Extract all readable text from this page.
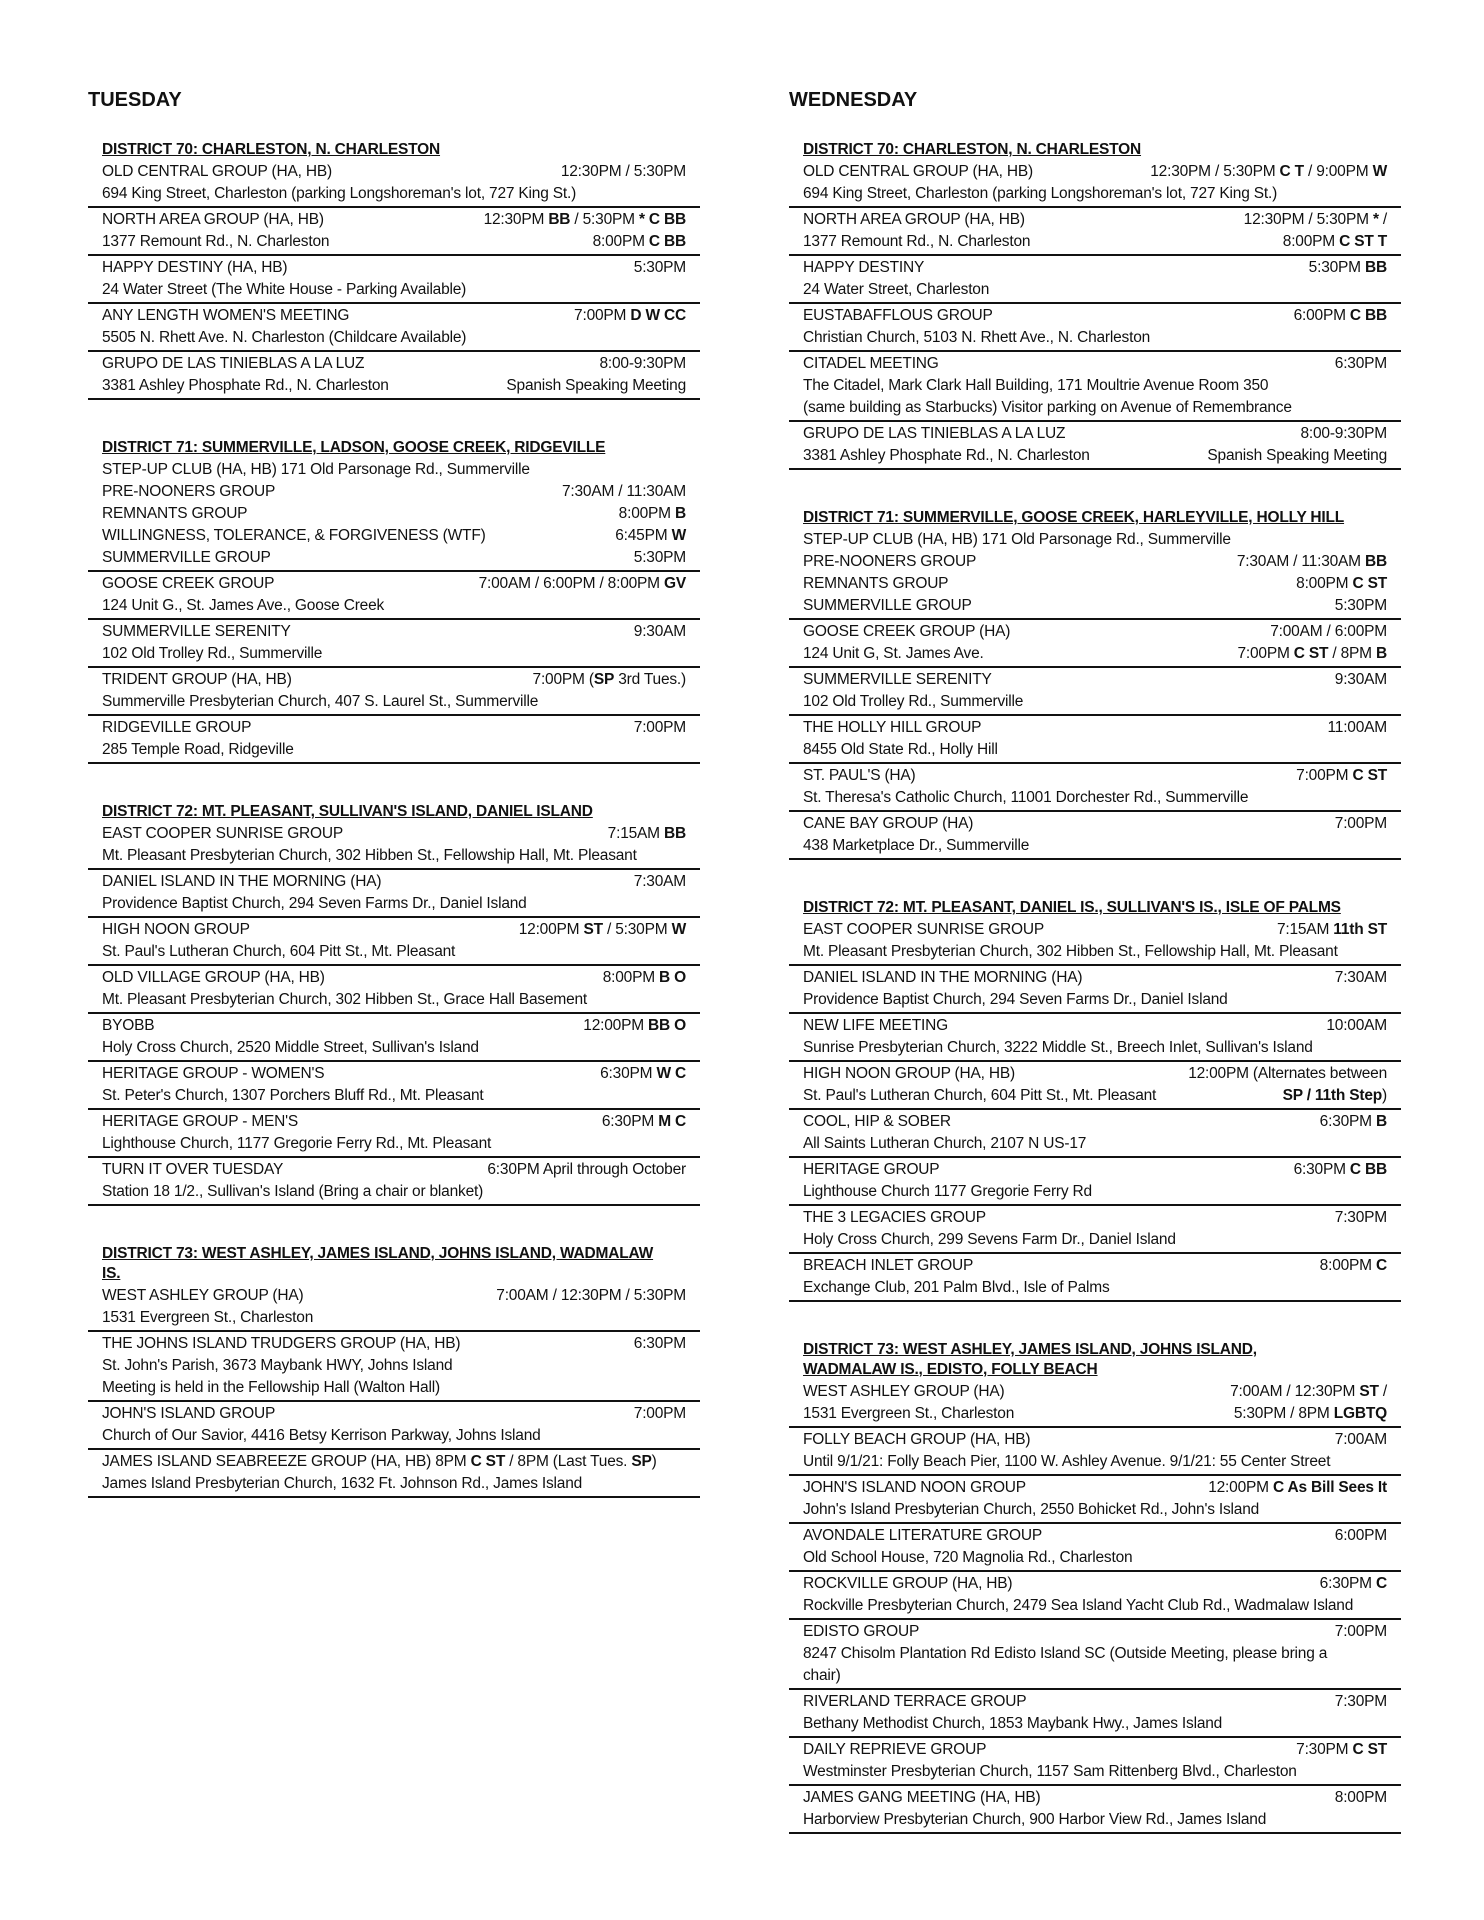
TUESDAY
DISTRICT 70: CHARLESTON, N. CHARLESTON
OLD CENTRAL GROUP (HA, HB)	12:30PM / 5:30PM
694 King Street, Charleston (parking Longshoreman's lot, 727 King St.)
NORTH AREA GROUP (HA, HB)	12:30PM BB / 5:30PM * C BB
1377 Remount Rd., N. Charleston	8:00PM C BB
HAPPY DESTINY (HA, HB)	5:30PM
24 Water Street (The White House - Parking Available)
ANY LENGTH WOMEN'S MEETING	7:00PM D W CC
5505 N. Rhett Ave. N. Charleston (Childcare Available)
GRUPO DE LAS TINIEBLAS A LA LUZ	8:00-9:30PM
3381 Ashley Phosphate Rd., N. Charleston	Spanish Speaking Meeting
DISTRICT 71: SUMMERVILLE, LADSON, GOOSE CREEK, RIDGEVILLE
STEP-UP CLUB (HA, HB) 171 Old Parsonage Rd., Summerville
PRE-NOONERS GROUP	7:30AM / 11:30AM
REMNANTS GROUP	8:00PM B
WILLINGNESS, TOLERANCE, & FORGIVENESS (WTF)	6:45PM W
SUMMERVILLE GROUP	5:30PM
GOOSE CREEK GROUP	7:00AM / 6:00PM / 8:00PM GV
124 Unit G., St. James Ave., Goose Creek
SUMMERVILLE SERENITY	9:30AM
102 Old Trolley Rd., Summerville
TRIDENT GROUP (HA, HB)	7:00PM (SP 3rd Tues.)
Summerville Presbyterian Church, 407 S. Laurel St., Summerville
RIDGEVILLE GROUP	7:00PM
285 Temple Road, Ridgeville
DISTRICT 72: MT. PLEASANT, SULLIVAN'S ISLAND, DANIEL ISLAND
EAST COOPER SUNRISE GROUP	7:15AM BB
Mt. Pleasant Presbyterian Church, 302 Hibben St., Fellowship Hall, Mt. Pleasant
DANIEL ISLAND IN THE MORNING (HA)	7:30AM
Providence Baptist Church, 294 Seven Farms Dr., Daniel Island
HIGH NOON GROUP	12:00PM ST / 5:30PM W
St. Paul's Lutheran Church, 604 Pitt St., Mt. Pleasant
OLD VILLAGE GROUP (HA, HB)	8:00PM B O
Mt. Pleasant Presbyterian Church, 302 Hibben St., Grace Hall Basement
BYOBB	12:00PM BB O
Holy Cross Church, 2520 Middle Street, Sullivan's Island
HERITAGE GROUP - WOMEN'S	6:30PM W C
St. Peter's Church, 1307 Porchers Bluff Rd., Mt. Pleasant
HERITAGE GROUP - MEN'S	6:30PM M C
Lighthouse Church, 1177 Gregorie Ferry Rd., Mt. Pleasant
TURN IT OVER TUESDAY	6:30PM April through October
Station 18 1/2., Sullivan's Island (Bring a chair or blanket)
DISTRICT 73: WEST ASHLEY, JAMES ISLAND, JOHNS ISLAND, WADMALAW
IS.
WEST ASHLEY GROUP (HA)	7:00AM / 12:30PM / 5:30PM
1531 Evergreen St., Charleston
THE JOHNS ISLAND TRUDGERS GROUP (HA, HB)	6:30PM
St. John's Parish, 3673 Maybank HWY, Johns Island
Meeting is held in the Fellowship Hall (Walton Hall)
JOHN'S ISLAND GROUP	7:00PM
Church of Our Savior, 4416 Betsy Kerrison Parkway, Johns Island
JAMES ISLAND SEABREEZE GROUP (HA, HB) 8PM C ST / 8PM (Last Tues. SP)
James Island Presbyterian Church, 1632 Ft. Johnson Rd., James Island
WEDNESDAY
DISTRICT 70: CHARLESTON, N. CHARLESTON
OLD CENTRAL GROUP (HA, HB)	12:30PM / 5:30PM C T / 9:00PM W
694 King Street, Charleston (parking Longshoreman's lot, 727 King St.)
NORTH AREA GROUP (HA, HB)	12:30PM / 5:30PM * /
1377 Remount Rd., N. Charleston	8:00PM C ST T
HAPPY DESTINY	5:30PM BB
24 Water Street, Charleston
EUSTABAFFLOUS GROUP	6:00PM C BB
Christian Church, 5103 N. Rhett Ave., N. Charleston
CITADEL MEETING	6:30PM
The Citadel, Mark Clark Hall Building, 171 Moultrie Avenue Room 350
(same building as Starbucks) Visitor parking on Avenue of Remembrance
GRUPO DE LAS TINIEBLAS A LA LUZ	8:00-9:30PM
3381 Ashley Phosphate Rd., N. Charleston	Spanish Speaking Meeting
DISTRICT 71: SUMMERVILLE, GOOSE CREEK, HARLEYVILLE, HOLLY HILL
STEP-UP CLUB (HA, HB) 171 Old Parsonage Rd., Summerville
PRE-NOONERS GROUP	7:30AM / 11:30AM BB
REMNANTS GROUP	8:00PM C ST
SUMMERVILLE GROUP	5:30PM
GOOSE CREEK GROUP (HA)	7:00AM / 6:00PM
124 Unit G, St. James Ave.	7:00PM C ST / 8PM B
SUMMERVILLE SERENITY	9:30AM
102 Old Trolley Rd., Summerville
THE HOLLY HILL GROUP	11:00AM
8455 Old State Rd., Holly Hill
ST. PAUL'S (HA)	7:00PM C ST
St. Theresa's Catholic Church, 11001 Dorchester Rd., Summerville
CANE BAY GROUP (HA)	7:00PM
438 Marketplace Dr., Summerville
DISTRICT 72: MT. PLEASANT, DANIEL IS., SULLIVAN'S IS., ISLE OF PALMS
EAST COOPER SUNRISE GROUP	7:15AM 11th ST
Mt. Pleasant Presbyterian Church, 302 Hibben St., Fellowship Hall, Mt. Pleasant
DANIEL ISLAND IN THE MORNING (HA)	7:30AM
Providence Baptist Church, 294 Seven Farms Dr., Daniel Island
NEW LIFE MEETING	10:00AM
Sunrise Presbyterian Church, 3222 Middle St., Breech Inlet, Sullivan's Island
HIGH NOON GROUP (HA, HB)	12:00PM (Alternates between
St. Paul's Lutheran Church, 604 Pitt St., Mt. Pleasant	SP / 11th Step)
COOL, HIP & SOBER	6:30PM B
All Saints Lutheran Church, 2107 N US-17
HERITAGE GROUP	6:30PM C BB
Lighthouse Church 1177 Gregorie Ferry Rd
THE 3 LEGACIES GROUP	7:30PM
Holy Cross Church, 299 Sevens Farm Dr., Daniel Island
BREACH INLET GROUP	8:00PM C
Exchange Club, 201 Palm Blvd., Isle of Palms
DISTRICT 73: WEST ASHLEY, JAMES ISLAND, JOHNS ISLAND,
WADMALAW IS., EDISTO, FOLLY BEACH
WEST ASHLEY GROUP (HA)	7:00AM / 12:30PM ST /
1531 Evergreen St., Charleston	5:30PM / 8PM LGBTQ
FOLLY BEACH GROUP (HA, HB)	7:00AM
Until 9/1/21: Folly Beach Pier, 1100 W. Ashley Avenue. 9/1/21: 55 Center Street
JOHN'S ISLAND NOON GROUP	12:00PM C As Bill Sees It
John's Island Presbyterian Church, 2550 Bohicket Rd., John's Island
AVONDALE LITERATURE GROUP	6:00PM
Old School House, 720 Magnolia Rd., Charleston
ROCKVILLE GROUP (HA, HB)	6:30PM C
Rockville Presbyterian Church, 2479 Sea Island Yacht Club Rd., Wadmalaw Island
EDISTO GROUP	7:00PM
8247 Chisolm Plantation Rd Edisto Island SC (Outside Meeting, please bring a
chair)
RIVERLAND TERRACE GROUP	7:30PM
Bethany Methodist Church, 1853 Maybank Hwy., James Island
DAILY REPRIEVE GROUP	7:30PM C ST
Westminster Presbyterian Church, 1157 Sam Rittenberg Blvd., Charleston
JAMES GANG MEETING (HA, HB)	8:00PM
Harborview Presbyterian Church, 900 Harbor View Rd., James Island
